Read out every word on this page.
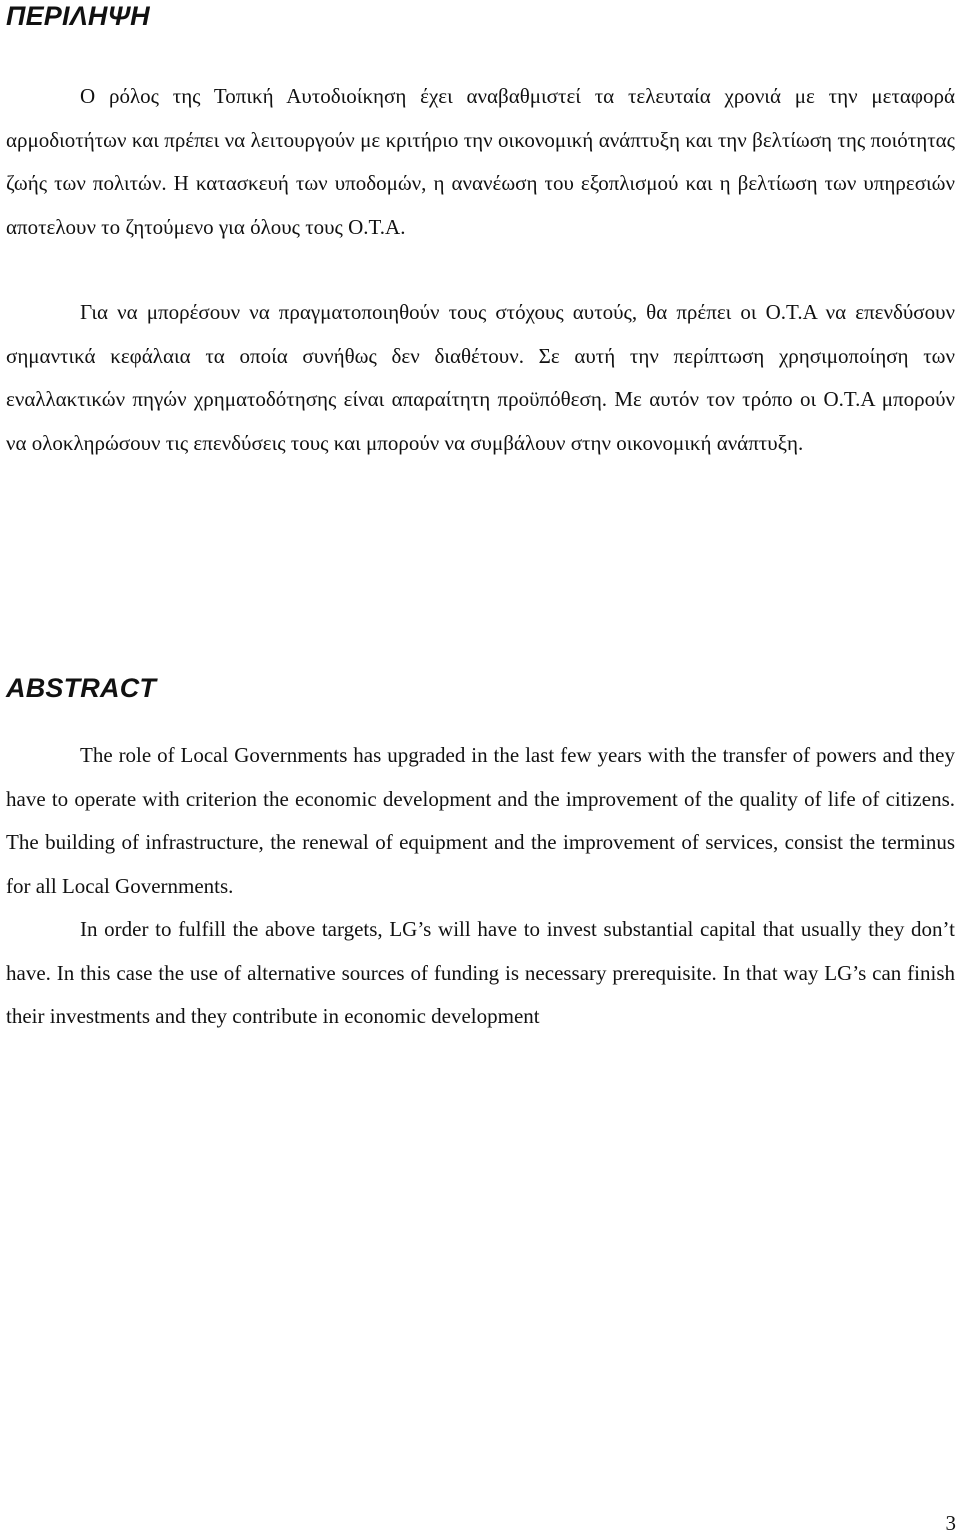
ΠΕΡΙΛΗΨΗ

Ο ρόλος της Τοπική Αυτοδιοίκηση έχει αναβαθμιστεί τα τελευταία χρονιά με την μεταφορά αρμοδιοτήτων και πρέπει να λειτουργούν με κριτήριο την οικονομική ανάπτυξη και την βελτίωση της ποιότητας ζωής των πολιτών. Η κατασκευή των υποδομών, η ανανέωση του εξοπλισμού και η βελτίωση των υπηρεσιών αποτελουν το ζητούμενο για όλους τους Ο.Τ.Α.

Για να μπορέσουν να πραγματοποιηθούν τους στόχους αυτούς, θα πρέπει οι Ο.Τ.Α να επενδύσουν σημαντικά κεφάλαια τα οποία συνήθως δεν διαθέτουν. Σε αυτή την περίπτωση χρησιμοποίηση των εναλλακτικών πηγών χρηματοδότησης είναι απαραίτητη προϋπόθεση. Με αυτόν τον τρόπο οι Ο.Τ.Α μπορούν να ολοκληρώσουν τις επενδύσεις τους και μπορούν να συμβάλουν στην οικονομική ανάπτυξη.

ABSTRACT

The role of Local Governments has upgraded in the last few years with the transfer of powers and they have to operate with criterion the economic development and the improvement of the quality of life of citizens. The building of infrastructure, the renewal of equipment and the improvement of services, consist the terminus for all Local Governments.

In order to fulfill the above targets, LG’s will have to invest substantial capital that usually they don’t have. In this case the use of alternative sources of funding is necessary prerequisite. In that way LG’s can finish their investments and they contribute in economic development

3
